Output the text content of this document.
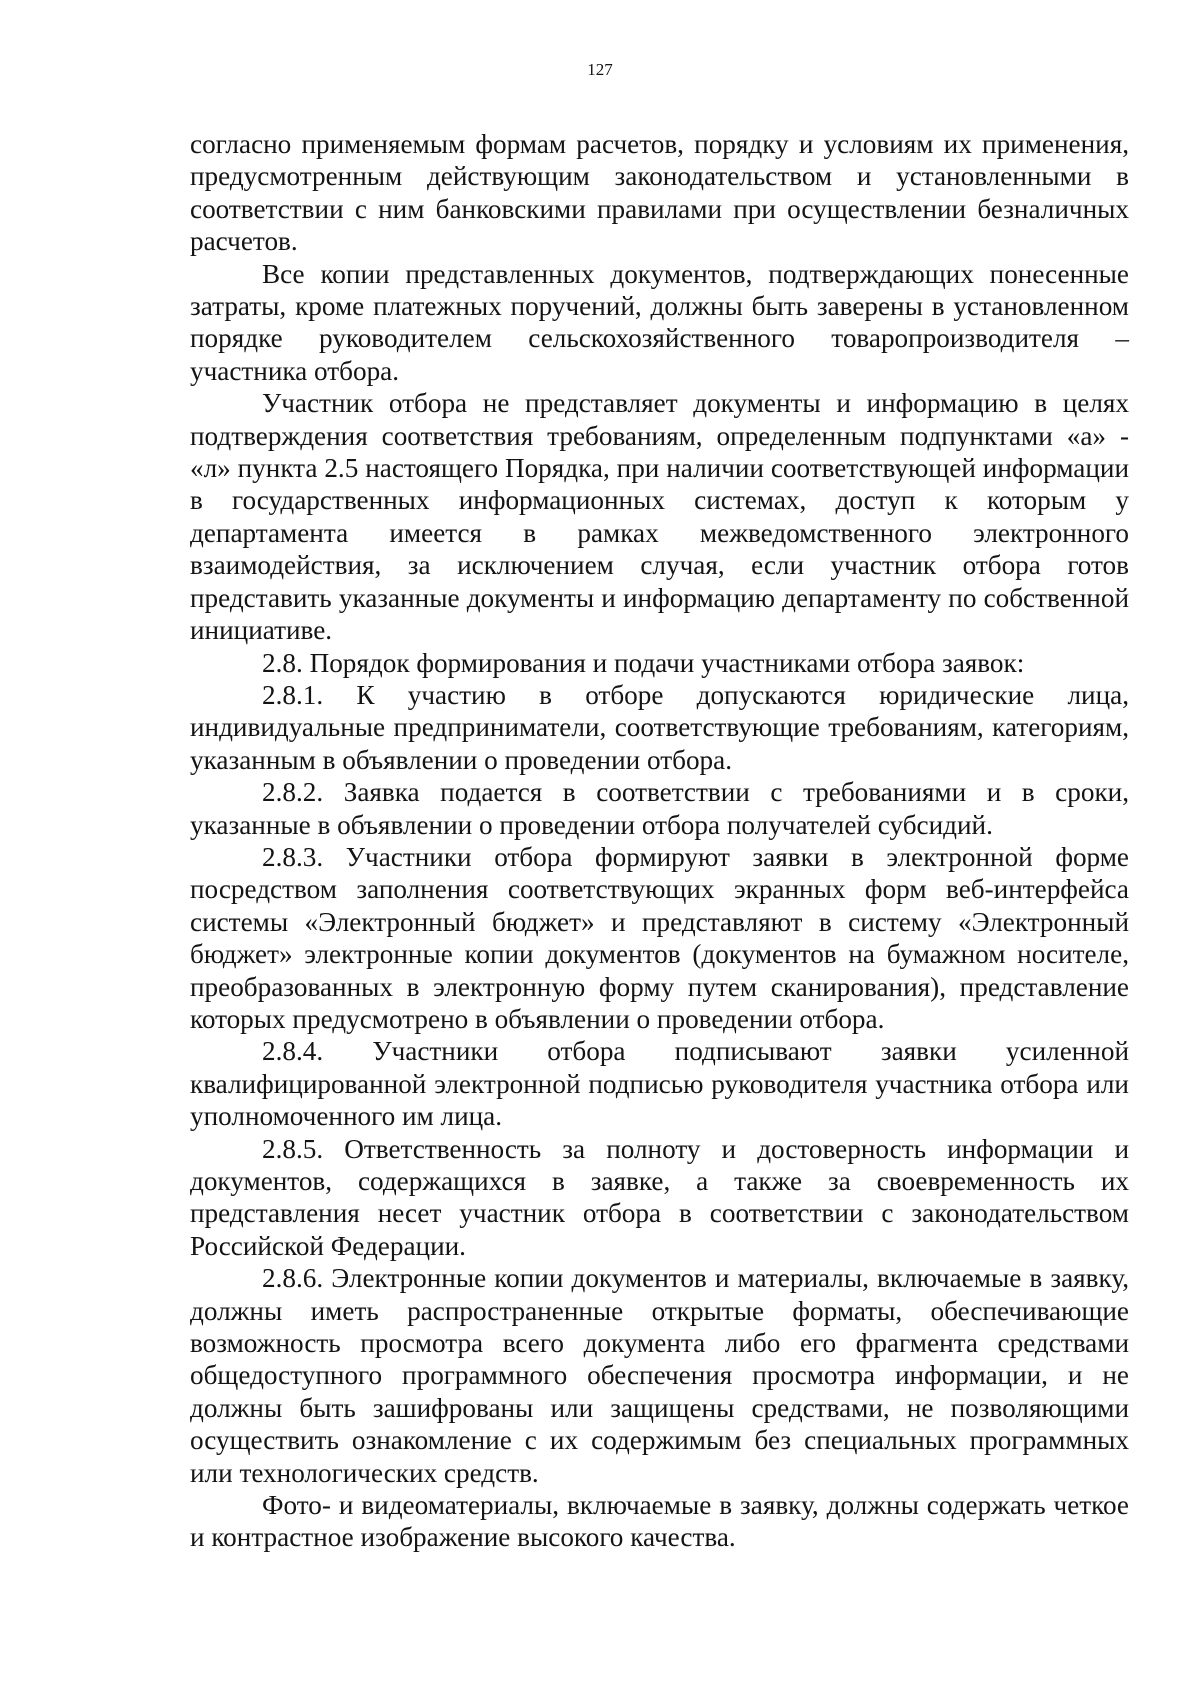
127

согласно применяемым формам расчетов, порядку и условиям их применения, предусмотренным действующим законодательством и установленными в соответствии с ним банковскими правилами при осуществлении безналичных расчетов.

Все копии представленных документов, подтверждающих понесенные затраты, кроме платежных поручений, должны быть заверены в установленном порядке руководителем сельскохозяйственного товаропроизводителя – участника отбора.

Участник отбора не представляет документы и информацию в целях подтверждения соответствия требованиям, определенным подпунктами «а» - «л» пункта 2.5 настоящего Порядка, при наличии соответствующей информации в государственных информационных системах, доступ к которым у департамента имеется в рамках межведомственного электронного взаимодействия, за исключением случая, если участник отбора готов представить указанные документы и информацию департаменту по собственной инициативе.

2.8. Порядок формирования и подачи участниками отбора заявок:

2.8.1. К участию в отборе допускаются юридические лица, индивидуальные предприниматели, соответствующие требованиям, категориям, указанным в объявлении о проведении отбора.

2.8.2. Заявка подается в соответствии с требованиями и в сроки, указанные в объявлении о проведении отбора получателей субсидий.

2.8.3. Участники отбора формируют заявки в электронной форме посредством заполнения соответствующих экранных форм веб-интерфейса системы «Электронный бюджет» и представляют в систему «Электронный бюджет» электронные копии документов (документов на бумажном носителе, преобразованных в электронную форму путем сканирования), представление которых предусмотрено в объявлении о проведении отбора.

2.8.4. Участники отбора подписывают заявки усиленной квалифицированной электронной подписью руководителя участника отбора или уполномоченного им лица.

2.8.5. Ответственность за полноту и достоверность информации и документов, содержащихся в заявке, а также за своевременность их представления несет участник отбора в соответствии с законодательством Российской Федерации.

2.8.6. Электронные копии документов и материалы, включаемые в заявку, должны иметь распространенные открытые форматы, обеспечивающие возможность просмотра всего документа либо его фрагмента средствами общедоступного программного обеспечения просмотра информации, и не должны быть зашифрованы или защищены средствами, не позволяющими осуществить ознакомление с их содержимым без специальных программных или технологических средств.

Фото- и видеоматериалы, включаемые в заявку, должны содержать четкое и контрастное изображение высокого качества.
